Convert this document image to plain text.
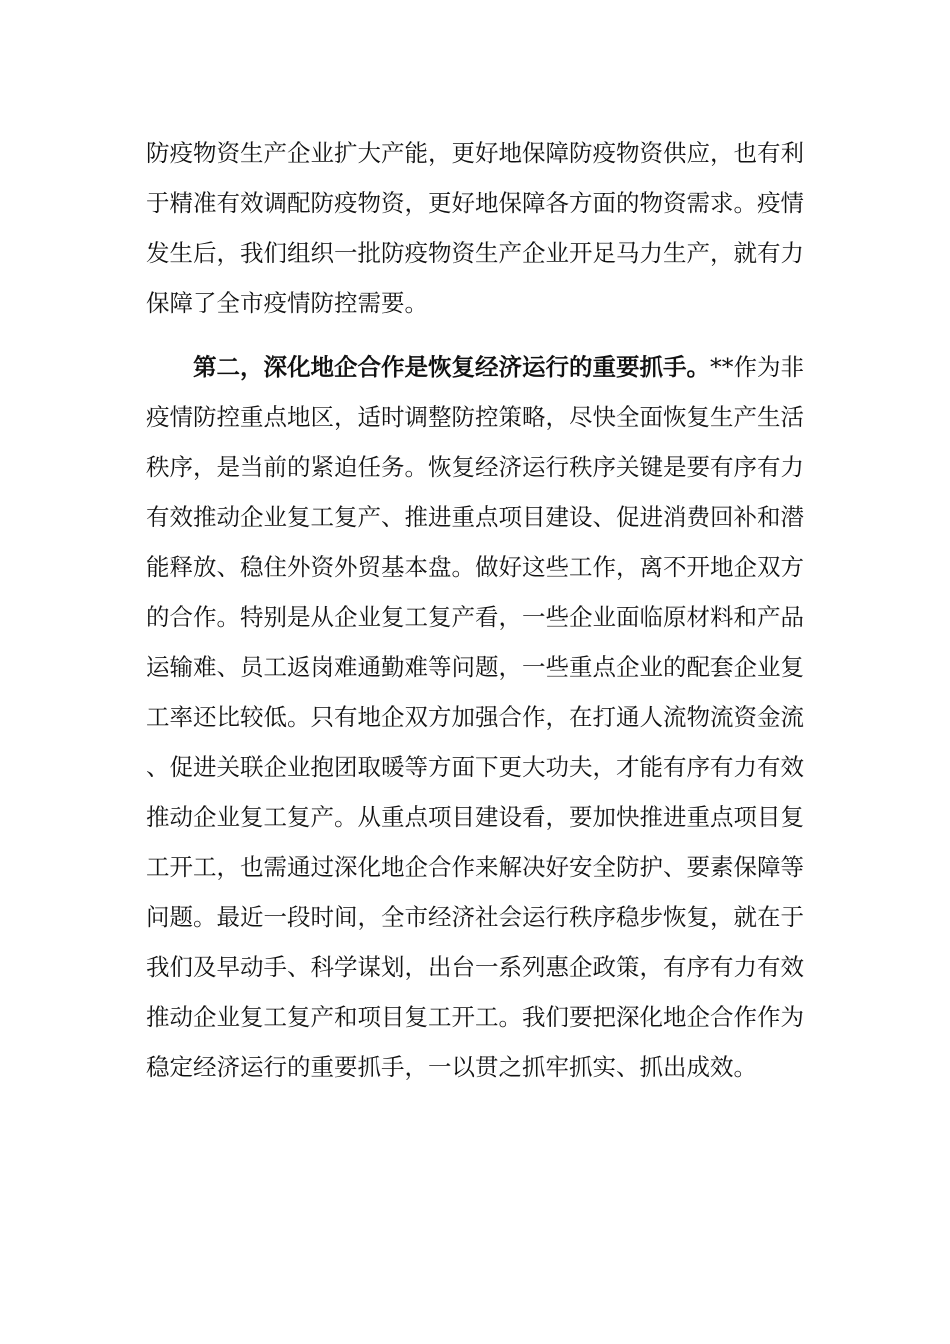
防疫物资生产企业扩大产能，更好地保障防疫物资供应，也有利于精准有效调配防疫物资，更好地保障各方面的物资需求。疫情发生后，我们组织一批防疫物资生产企业开足马力生产，就有力保障了全市疫情防控需要。

第二，深化地企合作是恢复经济运行的重要抓手。**作为非疫情防控重点地区，适时调整防控策略，尽快全面恢复生产生活秩序，是当前的紧迫任务。恢复经济运行秩序关键是要有序有力有效推动企业复工复产、推进重点项目建设、促进消费回补和潜能释放、稳住外资外贸基本盘。做好这些工作，离不开地企双方的合作。特别是从企业复工复产看，一些企业面临原材料和产品运输难、员工返岗难通勤难等问题，一些重点企业的配套企业复工率还比较低。只有地企双方加强合作，在打通人流物流资金流、促进关联企业抱团取暖等方面下更大功夫，才能有序有力有效推动企业复工复产。从重点项目建设看，要加快推进重点项目复工开工，也需通过深化地企合作来解决好安全防护、要素保障等问题。最近一段时间，全市经济社会运行秩序稳步恢复，就在于我们及早动手、科学谋划，出台一系列惠企政策，有序有力有效推动企业复工复产和项目复工开工。我们要把深化地企合作作为稳定经济运行的重要抓手，一以贯之抓牢抓实、抓出成效。
